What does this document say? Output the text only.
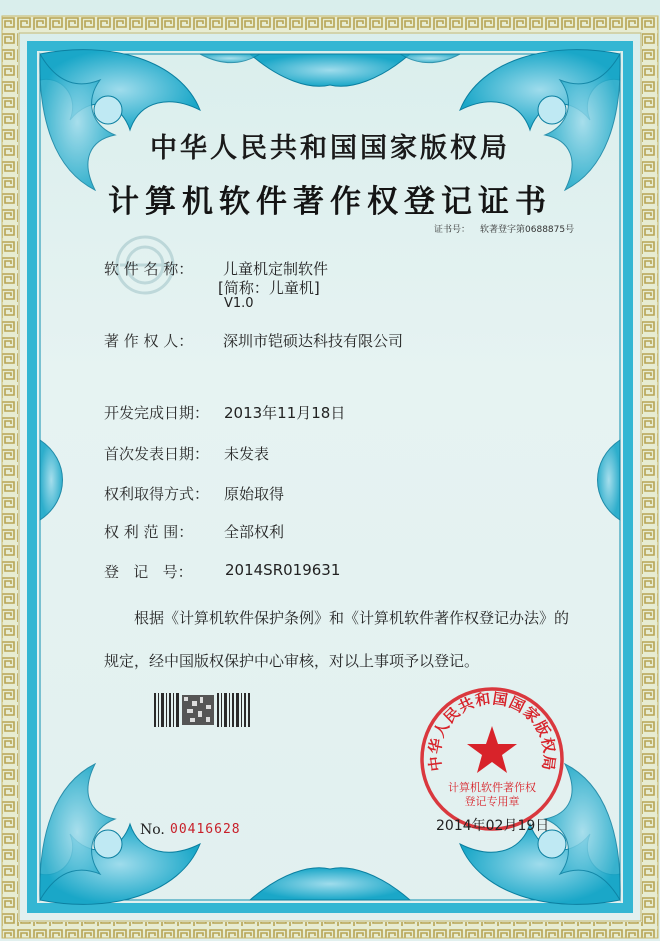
中华人民共和国国家版权局
计算机软件著作权登记证书
证书号： 软著登字第0688875号
软 件 名 称： 儿童机定制软件
[简称：儿童机]
V1.0
著 作 权 人： 深圳市铠硕达科技有限公司
开发完成日期： 2013年11月18日
首次发表日期： 未发表
权利取得方式： 原始取得
权 利 范 围： 全部权利
登   记   号： 2014SR019631
根据《计算机软件保护条例》和《计算机软件著作权登记办法》的
规定，经中国版权保护中心审核，对以上事项予以登记。
中华人民共和国国家版权局
计算机软件著作权
登记专用章
2014年02月19日
No. 00416628
